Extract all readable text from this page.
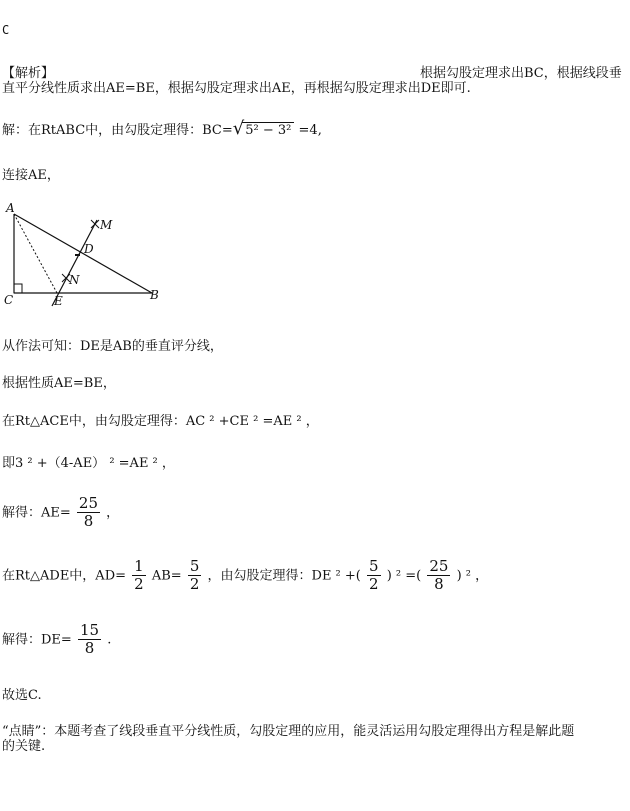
C
【解析】	根据勾股定理求出BC，根据线段垂
直平分线性质求出AE=BE，根据勾股定理求出AE，再根据勾股定理求出DE即可.
解：在RtABC中，由勾股定理得：BC=√5² − 3² =4,
连接AE，
A
C	E	B
D
M
N
从作法可知：DE是AB的垂直评分线，
根据性质AE=BE，
在Rt△ACE中，由勾股定理得：AC ² +CE ² =AE ² ，
即3 ² +（4-AE） ² =AE ² ，
解得：$AE= \frac{25}{8}$ ，
在Rt△ADE中，$AD= \frac{1}{2} AB= \frac{5}{2}$ ，由勾股定理得：DE ² +( $\frac{5}{2}$ ) ² =( $\frac{25}{8}$ ) ² ，
解得：$DE= \frac{15}{8}$ .
故选C.
“点睛”：本题考查了线段垂直平分线性质，勾股定理的应用，能灵活运用勾股定理得出方程是解此题
的关键.
